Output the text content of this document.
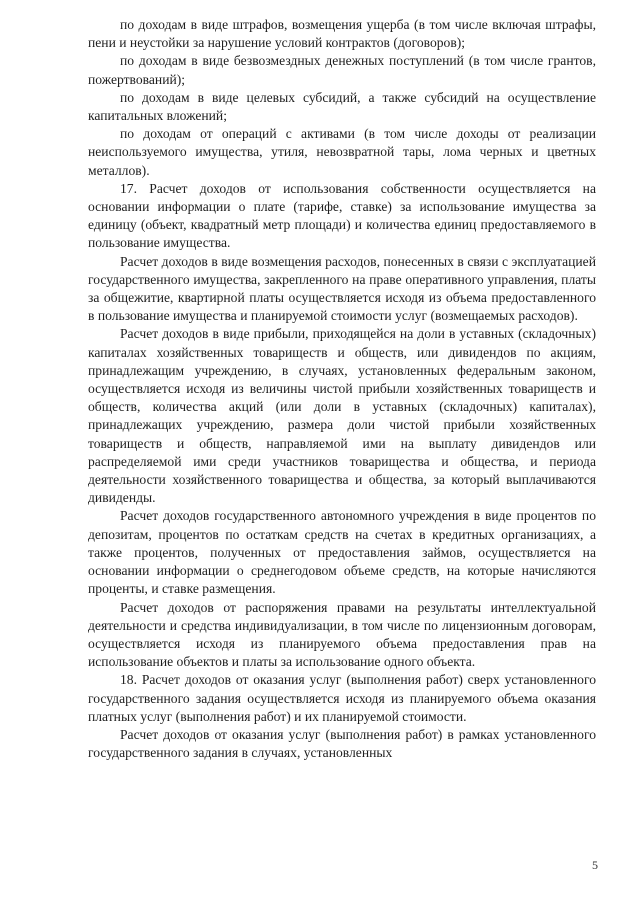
по доходам в виде штрафов, возмещения ущерба (в том числе включая штрафы, пени и неустойки за нарушение условий контрактов (договоров);

по доходам в виде безвозмездных денежных поступлений (в том числе грантов, пожертвований);

по доходам в виде целевых субсидий, а также субсидий на осуществление капитальных вложений;

по доходам от операций с активами (в том числе доходы от реализации неиспользуемого имущества, утиля, невозвратной тары, лома черных и цветных металлов).

17. Расчет доходов от использования собственности осуществляется на основании информации о плате (тарифе, ставке) за использование имущества за единицу (объект, квадратный метр площади) и количества единиц предоставляемого в пользование имущества.

Расчет доходов в виде возмещения расходов, понесенных в связи с эксплуатацией государственного имущества, закрепленного на праве оперативного управления, платы за общежитие, квартирной платы осуществляется исходя из объема предоставленного в пользование имущества и планируемой стоимости услуг (возмещаемых расходов).

Расчет доходов в виде прибыли, приходящейся на доли в уставных (складочных) капиталах хозяйственных товариществ и обществ, или дивидендов по акциям, принадлежащим учреждению, в случаях, установленных федеральным законом, осуществляется исходя из величины чистой прибыли хозяйственных товариществ и обществ, количества акций (или доли в уставных (складочных) капиталах), принадлежащих учреждению, размера доли чистой прибыли хозяйственных товариществ и обществ, направляемой ими на выплату дивидендов или распределяемой ими среди участников товарищества и общества, и периода деятельности хозяйственного товарищества и общества, за который выплачиваются дивиденды.

Расчет доходов государственного автономного учреждения в виде процентов по депозитам, процентов по остаткам средств на счетах в кредитных организациях, а также процентов, полученных от предоставления займов, осуществляется на основании информации о среднегодовом объеме средств, на которые начисляются проценты, и ставке размещения.

Расчет доходов от распоряжения правами на результаты интеллектуальной деятельности и средства индивидуализации, в том числе по лицензионным договорам, осуществляется исходя из планируемого объема предоставления прав на использование объектов и платы за использование одного объекта.

18. Расчет доходов от оказания услуг (выполнения работ) сверх установленного государственного задания осуществляется исходя из планируемого объема оказания платных услуг (выполнения работ) и их планируемой стоимости.

Расчет доходов от оказания услуг (выполнения работ) в рамках установленного государственного задания в случаях, установленных

5
